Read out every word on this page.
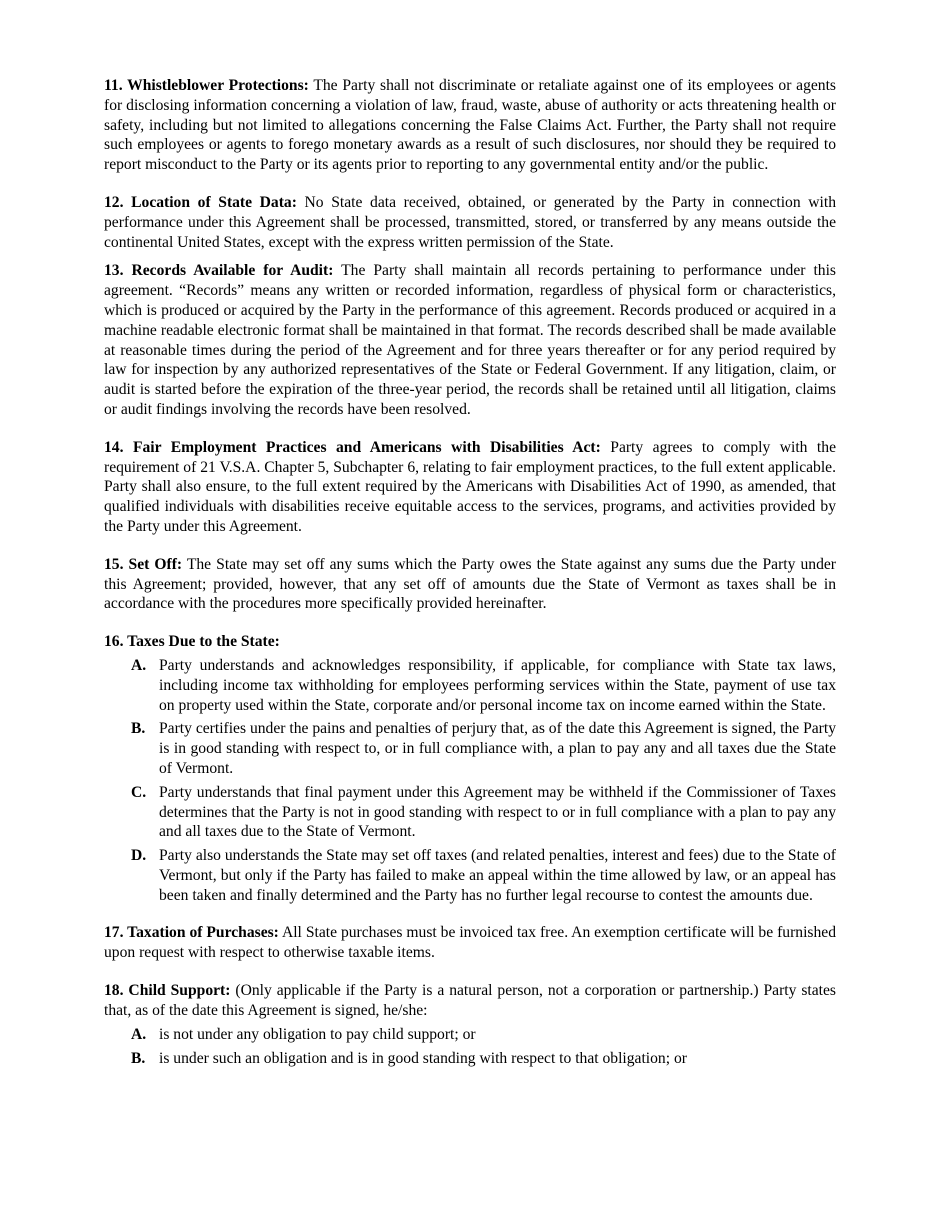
11. Whistleblower Protections: The Party shall not discriminate or retaliate against one of its employees or agents for disclosing information concerning a violation of law, fraud, waste, abuse of authority or acts threatening health or safety, including but not limited to allegations concerning the False Claims Act. Further, the Party shall not require such employees or agents to forego monetary awards as a result of such disclosures, nor should they be required to report misconduct to the Party or its agents prior to reporting to any governmental entity and/or the public.

12. Location of State Data: No State data received, obtained, or generated by the Party in connection with performance under this Agreement shall be processed, transmitted, stored, or transferred by any means outside the continental United States, except with the express written permission of the State.

13. Records Available for Audit: The Party shall maintain all records pertaining to performance under this agreement. “Records” means any written or recorded information, regardless of physical form or characteristics, which is produced or acquired by the Party in the performance of this agreement. Records produced or acquired in a machine readable electronic format shall be maintained in that format. The records described shall be made available at reasonable times during the period of the Agreement and for three years thereafter or for any period required by law for inspection by any authorized representatives of the State or Federal Government. If any litigation, claim, or audit is started before the expiration of the three-year period, the records shall be retained until all litigation, claims or audit findings involving the records have been resolved.

14. Fair Employment Practices and Americans with Disabilities Act: Party agrees to comply with the requirement of 21 V.S.A. Chapter 5, Subchapter 6, relating to fair employment practices, to the full extent applicable. Party shall also ensure, to the full extent required by the Americans with Disabilities Act of 1990, as amended, that qualified individuals with disabilities receive equitable access to the services, programs, and activities provided by the Party under this Agreement.

15. Set Off: The State may set off any sums which the Party owes the State against any sums due the Party under this Agreement; provided, however, that any set off of amounts due the State of Vermont as taxes shall be in accordance with the procedures more specifically provided hereinafter.

16. Taxes Due to the State:

A. Party understands and acknowledges responsibility, if applicable, for compliance with State tax laws, including income tax withholding for employees performing services within the State, payment of use tax on property used within the State, corporate and/or personal income tax on income earned within the State.
B. Party certifies under the pains and penalties of perjury that, as of the date this Agreement is signed, the Party is in good standing with respect to, or in full compliance with, a plan to pay any and all taxes due the State of Vermont.
C. Party understands that final payment under this Agreement may be withheld if the Commissioner of Taxes determines that the Party is not in good standing with respect to or in full compliance with a plan to pay any and all taxes due to the State of Vermont.
D. Party also understands the State may set off taxes (and related penalties, interest and fees) due to the State of Vermont, but only if the Party has failed to make an appeal within the time allowed by law, or an appeal has been taken and finally determined and the Party has no further legal recourse to contest the amounts due.

17. Taxation of Purchases: All State purchases must be invoiced tax free. An exemption certificate will be furnished upon request with respect to otherwise taxable items.

18. Child Support: (Only applicable if the Party is a natural person, not a corporation or partnership.) Party states that, as of the date this Agreement is signed, he/she:

A. is not under any obligation to pay child support; or
B. is under such an obligation and is in good standing with respect to that obligation; or
